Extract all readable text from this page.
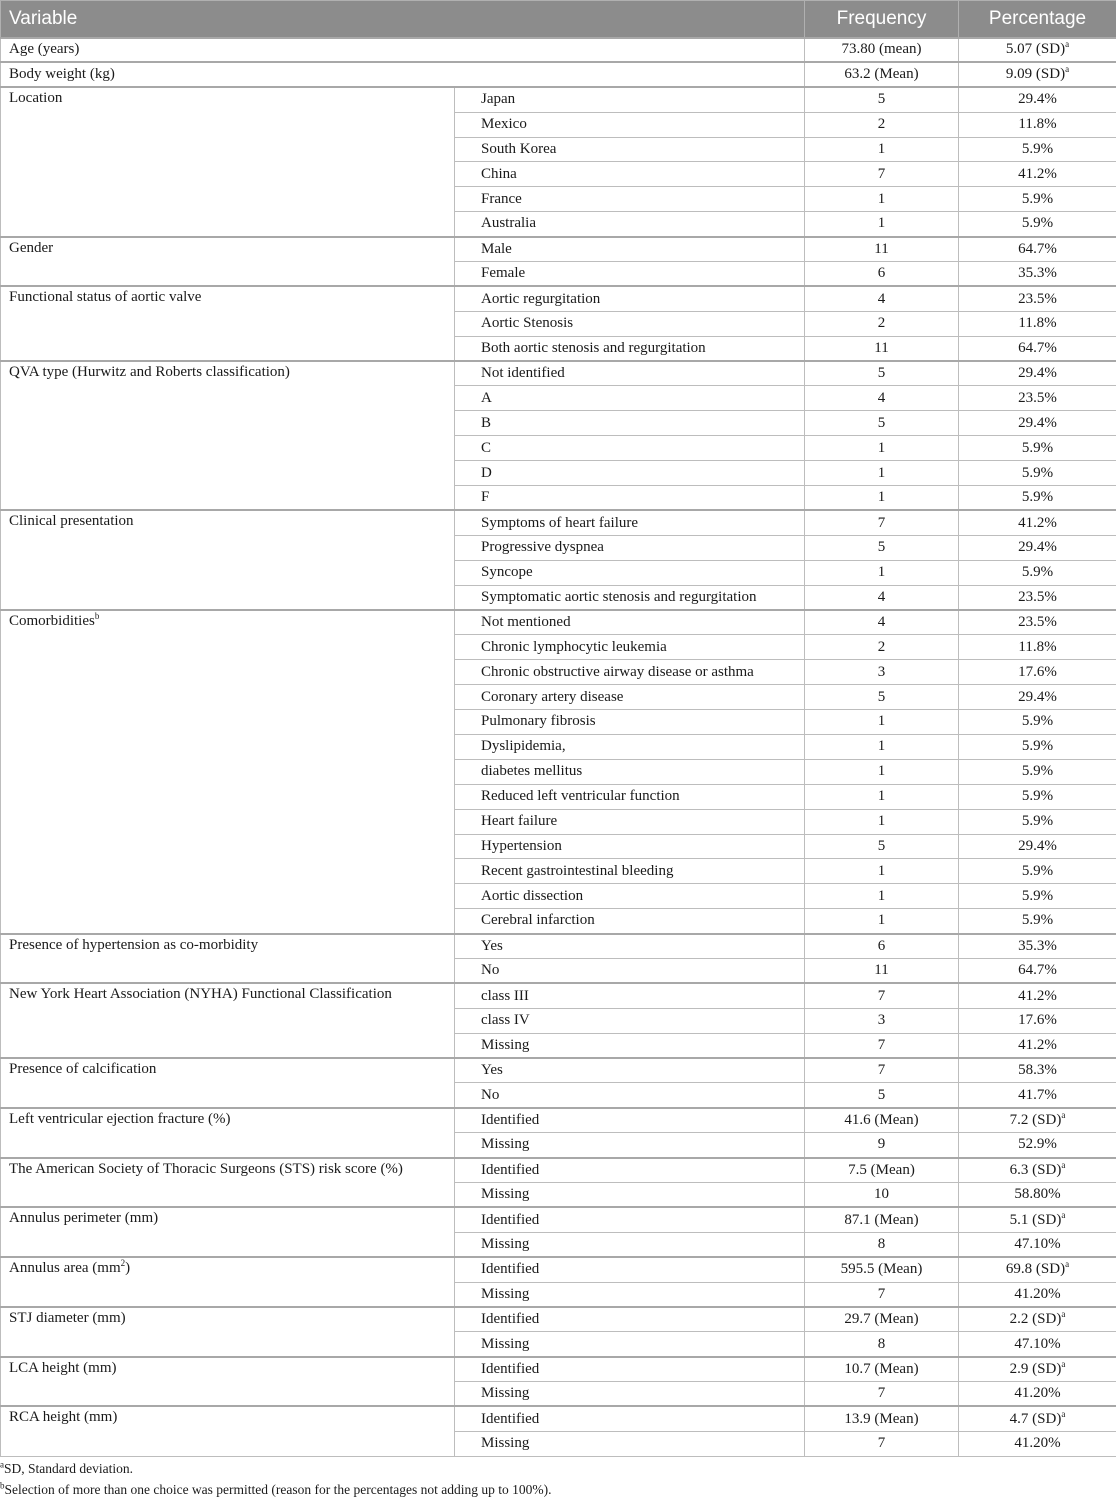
Variable		Frequency	Percentage
Age (years)		73.80 (mean)	5.07 (SD)$^a$
Body weight (kg)		63.2 (Mean)	9.09 (SD)$^a$
Location	Japan	5	29.4%
	Mexico	2	11.8%
	South Korea	1	5.9%
	China	7	41.2%
	France	1	5.9%
	Australia	1	5.9%
Gender	Male	11	64.7%
	Female	6	35.3%
Functional status of aortic valve	Aortic regurgitation	4	23.5%
	Aortic Stenosis	2	11.8%
	Both aortic stenosis and regurgitation	11	64.7%
QVA type (Hurwitz and Roberts classification)	Not identified	5	29.4%
	A	4	23.5%
	B	5	29.4%
	C	1	5.9%
	D	1	5.9%
	F	1	5.9%
Clinical presentation	Symptoms of heart failure	7	41.2%
	Progressive dyspnea	5	29.4%
	Syncope	1	5.9%
	Symptomatic aortic stenosis and regurgitation	4	23.5%
Comorbidities$^b$	Not mentioned	4	23.5%
	Chronic lymphocytic leukemia	2	11.8%
	Chronic obstructive airway disease or asthma	3	17.6%
	Coronary artery disease	5	29.4%
	Pulmonary fibrosis	1	5.9%
	Dyslipidemia,	1	5.9%
	diabetes mellitus	1	5.9%
	Reduced left ventricular function	1	5.9%
	Heart failure	1	5.9%
	Hypertension	5	29.4%
	Recent gastrointestinal bleeding	1	5.9%
	Aortic dissection	1	5.9%
	Cerebral infarction	1	5.9%
Presence of hypertension as co-morbidity	Yes	6	35.3%
	No	11	64.7%
New York Heart Association (NYHA) Functional Classification	class III	7	41.2%
	class IV	3	17.6%
	Missing	7	41.2%
Presence of calcification	Yes	7	58.3%
	No	5	41.7%
Left ventricular ejection fracture (%)	Identified	41.6 (Mean)	7.2 (SD)$^a$
	Missing	9	52.9%
The American Society of Thoracic Surgeons (STS) risk score (%)	Identified	7.5 (Mean)	6.3 (SD)$^a$
	Missing	10	58.80%
Annulus perimeter (mm)	Identified	87.1 (Mean)	5.1 (SD)$^a$
	Missing	8	47.10%
Annulus area $(mm^2)$	Identified	595.5 (Mean)	69.8 (SD)$^a$
	Missing	7	41.20%
STJ diameter (mm)	Identified	29.7 (Mean)	2.2 (SD)$^a$
	Missing	8	47.10%
LCA height (mm)	Identified	10.7 (Mean)	2.9 (SD)$^a$
	Missing	7	41.20%
RCA height (mm)	Identified	13.9 (Mean)	4.7 (SD)$^a$
	Missing	7	41.20%
$^a$SD, Standard deviation.
$^b$Selection of more than one choice was permitted (reason for the percentages not adding up to 100%).
